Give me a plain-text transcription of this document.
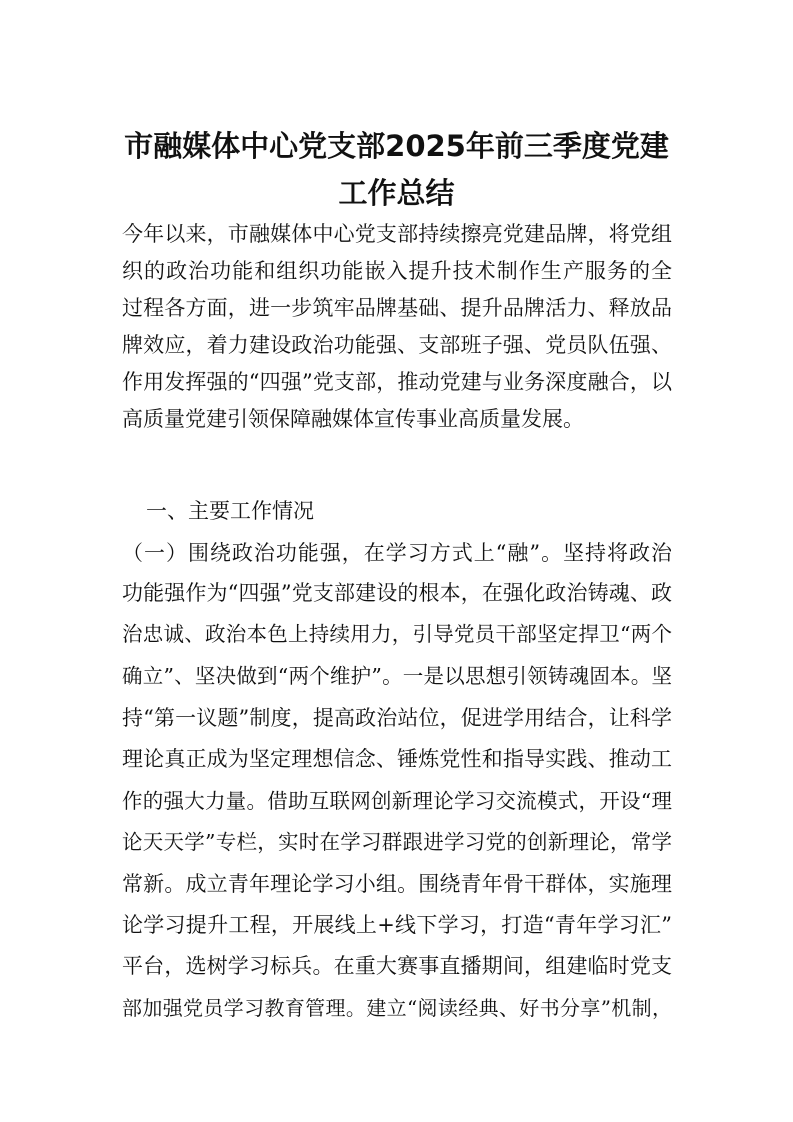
市融媒体中心党支部2025年前三季度党建
工作总结
今年以来，市融媒体中心党支部持续擦亮党建品牌，将党组
织的政治功能和组织功能嵌入提升技术制作生产服务的全
过程各方面，进一步筑牢品牌基础、提升品牌活力、释放品
牌效应，着力建设政治功能强、支部班子强、党员队伍强、
作用发挥强的“四强”党支部，推动党建与业务深度融合，以
高质量党建引领保障融媒体宣传事业高质量发展。
一、主要工作情况
（一）围绕政治功能强，在学习方式上“融”。坚持将政治
功能强作为“四强”党支部建设的根本，在强化政治铸魂、政
治忠诚、政治本色上持续用力，引导党员干部坚定捍卫“两个
确立”、坚决做到“两个维护”。一是以思想引领铸魂固本。坚
持“第一议题”制度，提高政治站位，促进学用结合，让科学
理论真正成为坚定理想信念、锤炼党性和指导实践、推动工
作的强大力量。借助互联网创新理论学习交流模式，开设“理
论天天学”专栏，实时在学习群跟进学习党的创新理论，常学
常新。成立青年理论学习小组。围绕青年骨干群体，实施理
论学习提升工程，开展线上+线下学习，打造“青年学习汇”
平台，选树学习标兵。在重大赛事直播期间，组建临时党支
部加强党员学习教育管理。建立“阅读经典、好书分享”机制，
